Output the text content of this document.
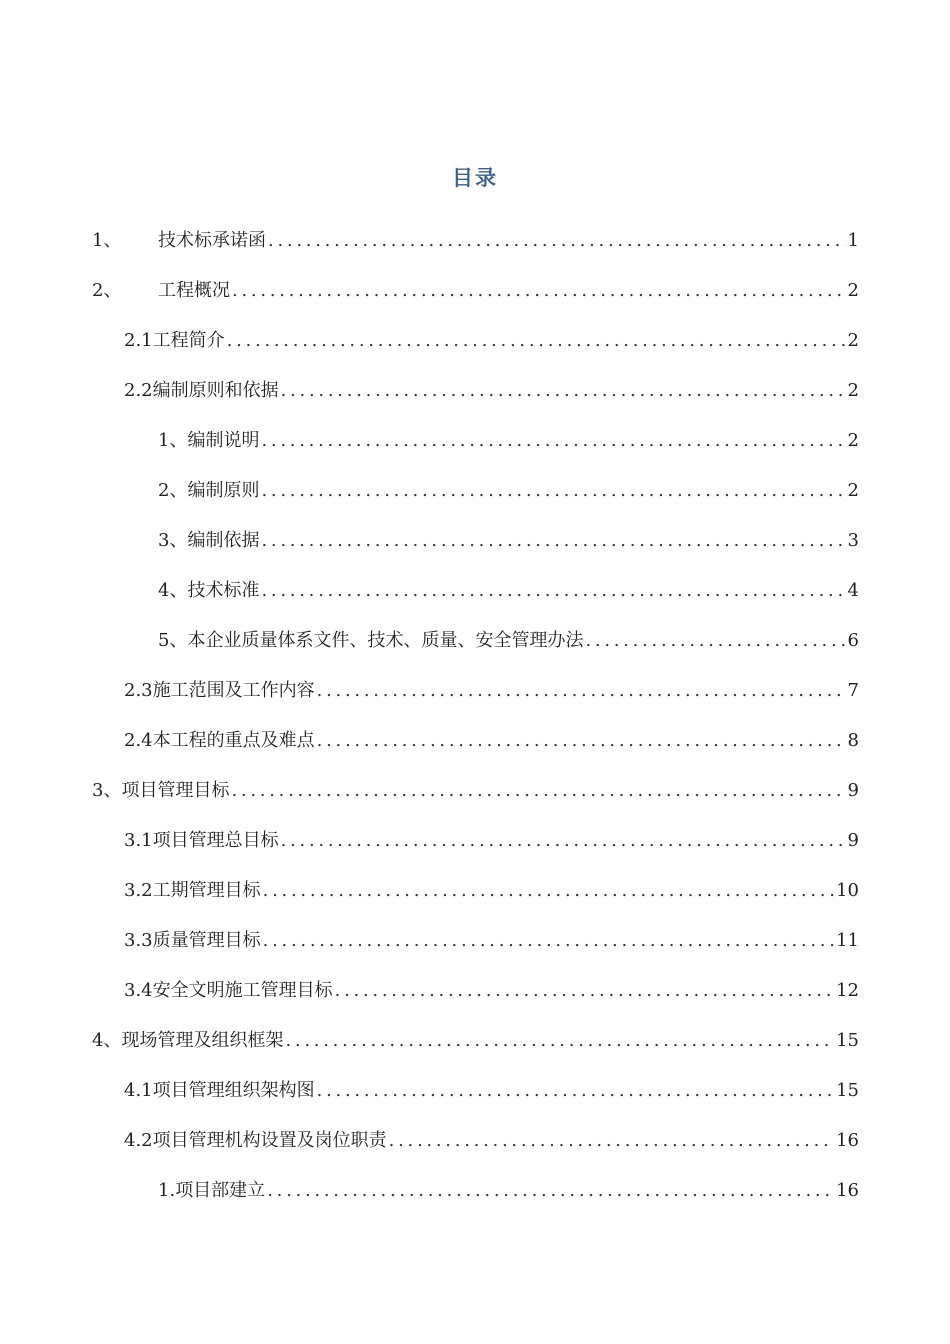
目录
1、	技术标承诺函 . . .	1
2、	工程概况 . . .	2
2.1 工程简介 . . .	2
2.2 编制原则和依据 . . .	2
1、 编制说明 . . .	2
2、 编制原则 . . .	2
3、 编制依据 . . .	3
4、 技术标准 . . .	4
5、 本企业质量体系文件、技术、质量、安全管理办法 . . .	6
2.3 施工范围及工作内容 . . .	7
2.4 本工程的重点及难点 . . .	8
3、 项目管理目标 . . .	9
3.1 项目管理总目标 . . .	9
3.2 工期管理目标 . . .	10
3.3 质量管理目标 . . .	11
3.4 安全文明施工管理目标 . . .	12
4、 现场管理及组织框架 . . .	15
4.1 项目管理组织架构图 . . .	15
4.2 项目管理机构设置及岗位职责 . . .	16
1. 项目部建立 . . .	16
